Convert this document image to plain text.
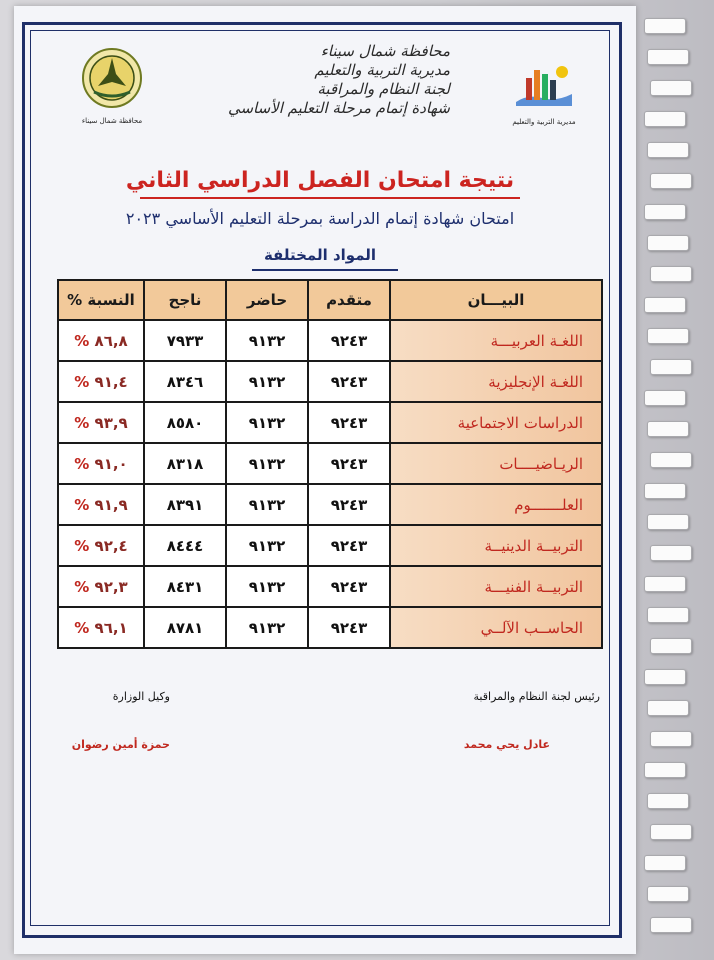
محافظة شمال سيناء	مديرية التربية والتعليم
محافظة شمال سيناء
مديرية التربية والتعليم
لجنة النظام والمراقبة
شهادة إتمام مرحلة التعليم الأساسي
نتيجة امتحان الفصل الدراسي الثاني
امتحان شهادة إتمام الدراسة بمرحلة التعليم الأساسي ٢٠٢٣
المواد المختلفة
البيـــان	متقدم	حاضر	ناجح	النسبة %
اللغـة العربيـــة	٩٢٤٣	٩١٣٢	٧٩٣٣	٨٦,٨ %
اللغـة الإنجليزية	٩٢٤٣	٩١٣٢	٨٣٤٦	٩١,٤ %
الدراسات الاجتماعية	٩٢٤٣	٩١٣٢	٨٥٨٠	٩٣,٩ %
الريـاضيــــات	٩٢٤٣	٩١٣٢	٨٣١٨	٩١,٠ %
العلـــــــوم	٩٢٤٣	٩١٣٢	٨٣٩١	٩١,٩ %
التربيــة الدينيــة	٩٢٤٣	٩١٣٢	٨٤٤٤	٩٢,٤ %
التربيــة الفنيـــة	٩٢٤٣	٩١٣٢	٨٤٣١	٩٢,٣ %
الحاســب الآلــي	٩٢٤٣	٩١٣٢	٨٧٨١	٩٦,١ %
رئيس لجنة النظام والمراقبة
عادل يحي محمد
وكيل الوزارة
حمزة أمين رضوان
